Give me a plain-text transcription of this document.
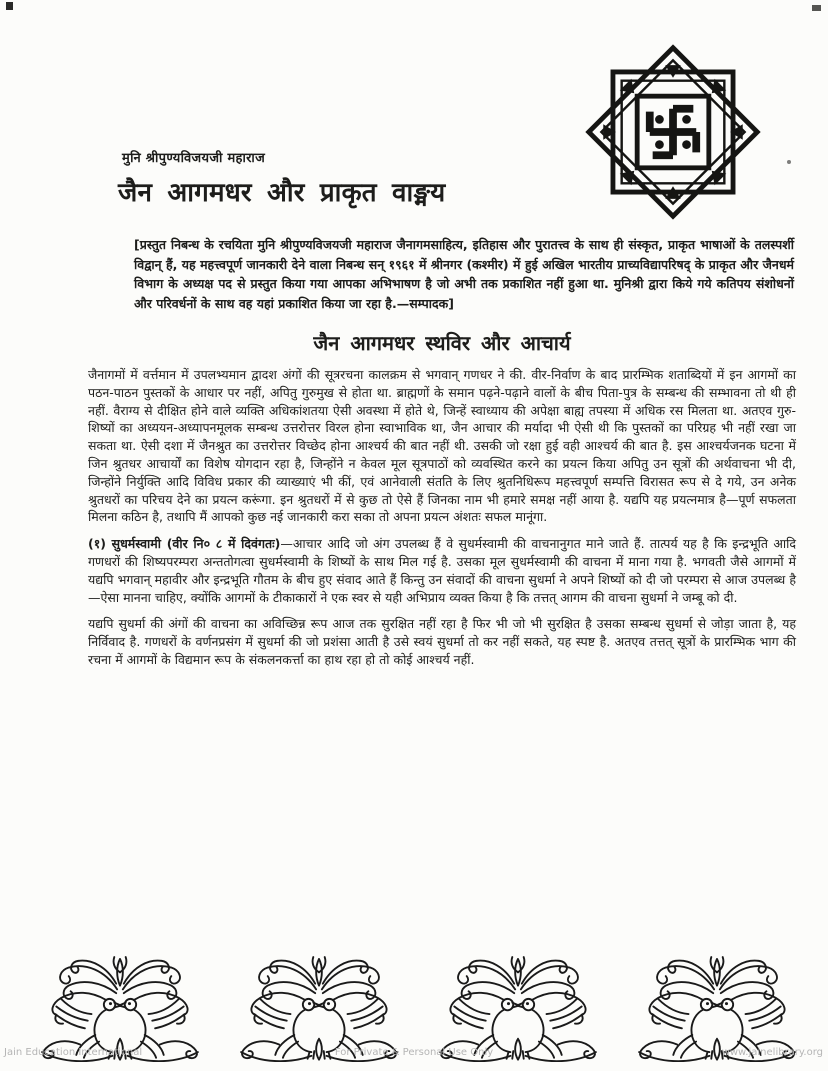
मुनि श्रीपुण्यविजयजी महाराज
जैन आगमधर और प्राकृत वाङ्मय

[प्रस्तुत निबन्ध के रचयिता मुनि श्रीपुण्यविजयजी महाराज जैनागमसाहित्य, इतिहास और पुरातत्त्व के साथ ही संस्कृत, प्राकृत भाषाओं के तलस्पर्शी विद्वान् हैं, यह महत्त्वपूर्ण जानकारी देने वाला निबन्ध सन् १९६१ में श्रीनगर (कश्मीर) में हुई अखिल भारतीय प्राच्यविद्यापरिषद् के प्राकृत और जैनधर्म विभाग के अध्यक्ष पद से प्रस्तुत किया गया आपका अभिभाषण है जो अभी तक प्रकाशित नहीं हुआ था. मुनिश्री द्वारा किये गये कतिपय संशोधनों और परिवर्धनों के साथ वह यहां प्रकाशित किया जा रहा है.—सम्पादक]

जैन आगमधर स्थविर और आचार्य

जैनागमों में वर्त्तमान में उपलभ्यमान द्वादश अंगों की सूत्ररचना कालक्रम से भगवान् गणधर ने की. वीर-निर्वाण के बाद प्रारम्भिक शताब्दियों में इन आगमों का पठन-पाठन पुस्तकों के आधार पर नहीं, अपितु गुरुमुख से होता था. ब्राह्मणों के समान पढ़ने-पढ़ाने वालों के बीच पिता-पुत्र के सम्बन्ध की सम्भावना तो थी ही नहीं. वैराग्य से दीक्षित होने वाले व्यक्ति अधिकांशतया ऐसी अवस्था में होते थे, जिन्हें स्वाध्याय की अपेक्षा बाह्य तपस्या में अधिक रस मिलता था. अतएव गुरु-शिष्यों का अध्ययन-अध्यापनमूलक सम्बन्ध उत्तरोत्तर विरल होना स्वाभाविक था, जैन आचार की मर्यादा भी ऐसी थी कि पुस्तकों का परिग्रह भी नहीं रखा जा सकता था. ऐसी दशा में जैनश्रुत का उत्तरोत्तर विच्छेद होना आश्चर्य की बात नहीं थी. उसकी जो रक्षा हुई वही आश्चर्य की बात है. इस आश्चर्यजनक घटना में जिन श्रुतधर आचार्यों का विशेष योगदान रहा है, जिन्होंने न केवल मूल सूत्रपाठों को व्यवस्थित करने का प्रयत्न किया अपितु उन सूत्रों की अर्थवाचना भी दी, जिन्होंने निर्युक्ति आदि विविध प्रकार की व्याख्याएं भी कीं, एवं आनेवाली संतति के लिए श्रुतनिधिरूप महत्त्वपूर्ण सम्पत्ति विरासत रूप से दे गये, उन अनेक श्रुतधरों का परिचय देने का प्रयत्न करूंगा. इन श्रुतधरों में से कुछ तो ऐसे हैं जिनका नाम भी हमारे समक्ष नहीं आया है. यद्यपि यह प्रयत्नमात्र है—पूर्ण सफलता मिलना कठिन है, तथापि मैं आपको कुछ नई जानकारी करा सका तो अपना प्रयत्न अंशतः सफल मानूंगा.

(१) सुधर्मस्वामी (वीर नि० ८ में दिवंगतः)—आचार आदि जो अंग उपलब्ध हैं वे सुधर्मस्वामी की वाचनानुगत माने जाते हैं. तात्पर्य यह है कि इन्द्रभूति आदि गणधरों की शिष्यपरम्परा अन्ततोगत्वा सुधर्मस्वामी के शिष्यों के साथ मिल गई है. उसका मूल सुधर्मस्वामी की वाचना में माना गया है. भगवती जैसे आगमों में यद्यपि भगवान् महावीर और इन्द्रभूति गौतम के बीच हुए संवाद आते हैं किन्तु उन संवादों की वाचना सुधर्मा ने अपने शिष्यों को दी जो परम्परा से आज उपलब्ध है—ऐसा मानना चाहिए, क्योंकि आगमों के टीकाकारों ने एक स्वर से यही अभिप्राय व्यक्त किया है कि तत्तत् आगम की वाचना सुधर्मा ने जम्बू को दी.

यद्यपि सुधर्मा की अंगों की वाचना का अविच्छिन्न रूप आज तक सुरक्षित नहीं रहा है फिर भी जो भी सुरक्षित है उसका सम्बन्ध सुधर्मा से जोड़ा जाता है, यह निर्विवाद है. गणधरों के वर्णनप्रसंग में सुधर्मा की जो प्रशंसा आती है उसे स्वयं सुधर्मा तो कर नहीं सकते, यह स्पष्ट है. अतएव तत्तत् सूत्रों के प्रारम्भिक भाग की रचना में आगमों के विद्यमान रूप के संकलनकर्त्ता का हाथ रहा हो तो कोई आश्चर्य नहीं.

Jain Education International	For Private & Personal Use Only	www.jainelibrary.org
